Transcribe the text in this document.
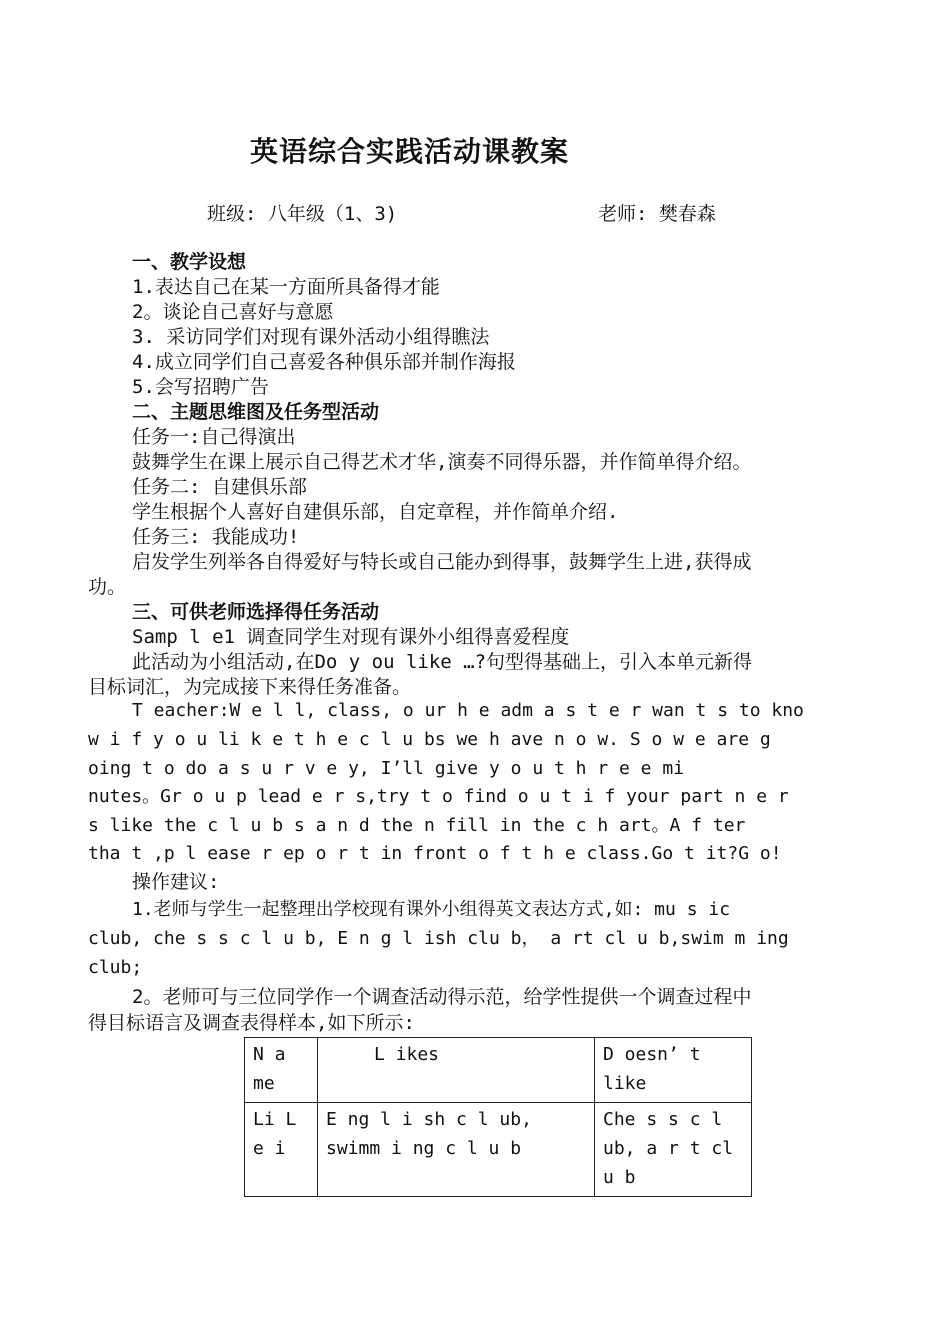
英语综合实践活动课教案
班级: 八年级（1、3)	老师: 樊春森
一、教学设想
1.表达自己在某一方面所具备得才能
2。谈论自己喜好与意愿
3. 采访同学们对现有课外活动小组得瞧法
4.成立同学们自己喜爱各种俱乐部并制作海报
5.会写招聘广告
二、主题思维图及任务型活动
任务一:自己得演出
鼓舞学生在课上展示自己得艺术才华,演奏不同得乐器，并作简单得介绍。
任务二: 自建俱乐部
学生根据个人喜好自建俱乐部，自定章程，并作简单介绍.
任务三: 我能成功!
启发学生列举各自得爱好与特长或自己能办到得事，鼓舞学生上进,获得成
功。
三、可供老师选择得任务活动
Samp l e1 调查同学生对现有课外小组得喜爱程度
此活动为小组活动,在Do y ou like …?句型得基础上，引入本单元新得
目标词汇，为完成接下来得任务准备。
T eacher:W e l l, class, o ur h e adm a s t e r wan t s to kno
w i f y o u li k e t h e c l u bs we h ave n o w. S o w e are g
oing t o do a s u r v e y, I’ll give y o u t h r e e mi
nutes。Gr o u p lead e r s,try t o find o u t i f your part n e r
s like the c l u b s a n d the n fill in the c h art。A f ter
tha t ,p l ease r ep o r t in front o f t h e class.Go t it?G o!
操作建议:
1.老师与学生一起整理出学校现有课外小组得英文表达方式,如: mu s ic
club, che s s c l u b, E n g l ish clu b， a rt cl u b,swim m ing
club;
2。老师可与三位同学作一个调查活动得示范，给学性提供一个调查过程中
得目标语言及调查表得样本,如下所示:
N a me	L ikes	D oesn’ t like
Li L e i	E ng l i sh c l ub, swimm i ng c l u b	Che s s c l ub, a r t cl u b
